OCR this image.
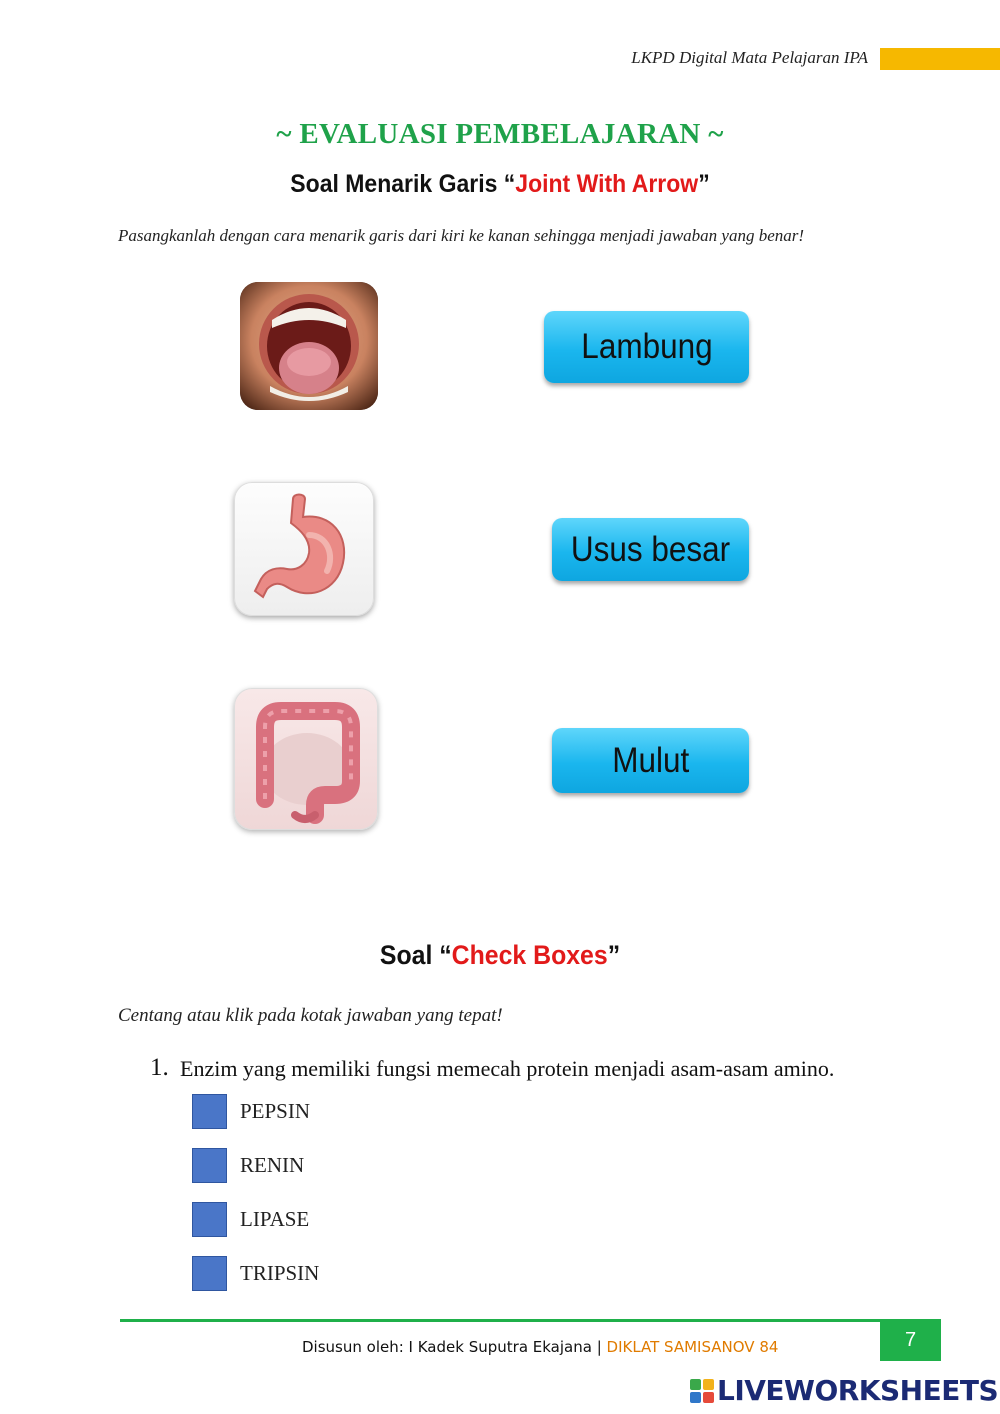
LKPD Digital Mata Pelajaran IPA
~ EVALUASI PEMBELAJARAN ~
Soal Menarik Garis “Joint With Arrow”
Pasangkanlah dengan cara menarik garis dari kiri ke kanan sehingga menjadi jawaban yang benar!
Lambung
Usus besar
Mulut
Soal “Check Boxes”
Centang atau klik pada kotak jawaban yang tepat!
1. Enzim yang memiliki fungsi memecah protein menjadi asam-asam amino.
PEPSIN
RENIN
LIPASE
TRIPSIN
7
Disusun oleh: I Kadek Suputra Ekajana | DIKLAT SAMISANOV 84
LIVEWORKSHEETS
